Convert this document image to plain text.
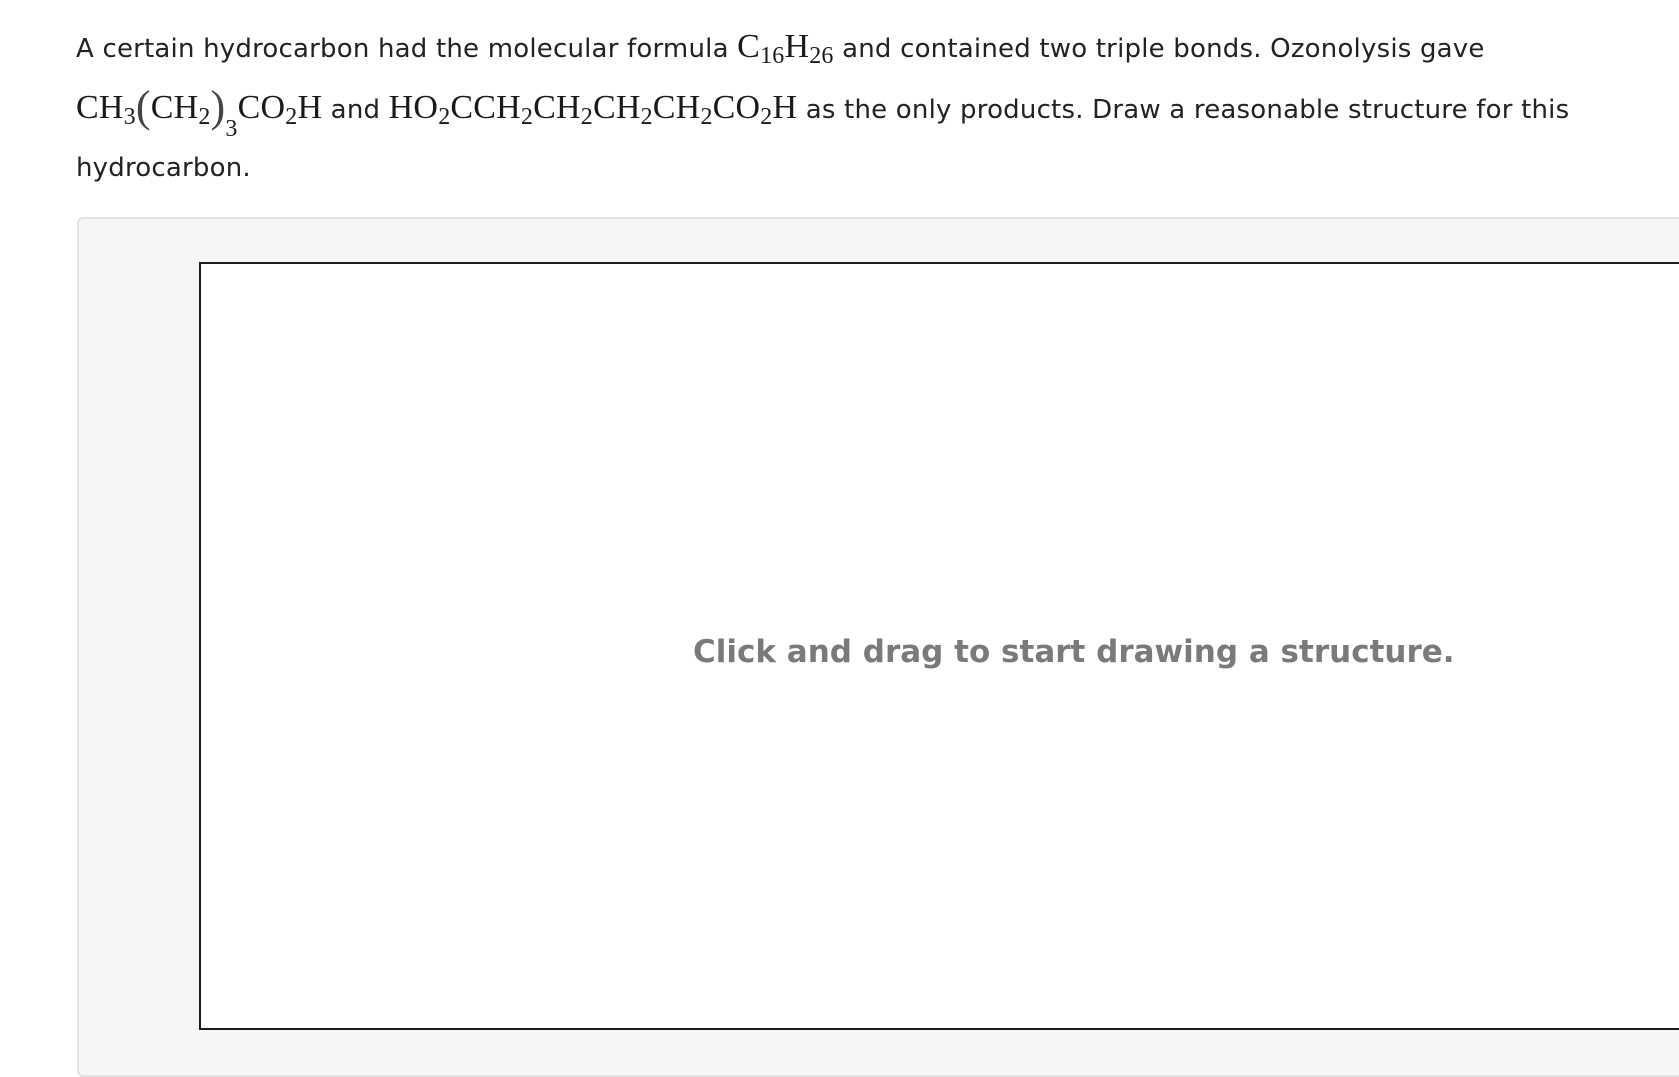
A certain hydrocarbon had the molecular formula $C_{16}H_{26}$ and contained two triple bonds. Ozonolysis gave
$CH_3(CH_2)_3CO_2H$ and $HO_2CCH_2CH_2CH_2CH_2CO_2H$ as the only products. Draw a reasonable structure for this
hydrocarbon.
Click and drag to start drawing a structure.
